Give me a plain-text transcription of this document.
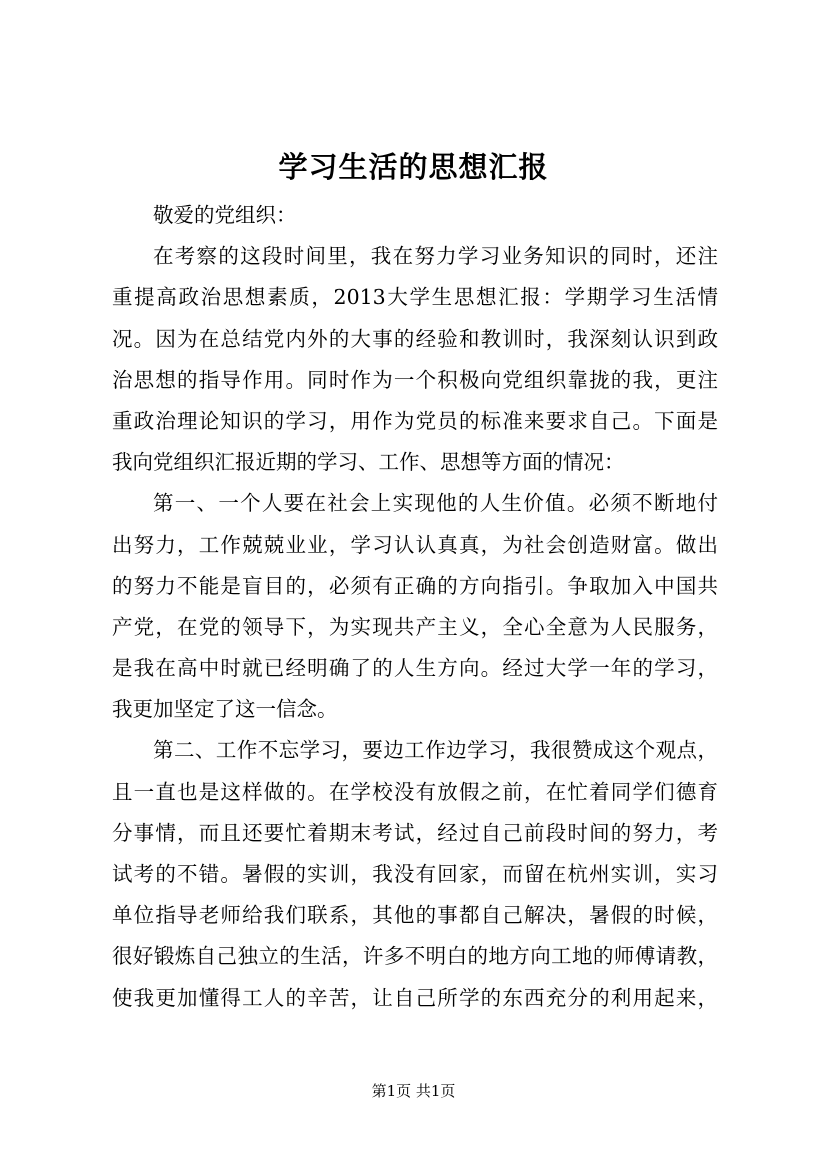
学习生活的思想汇报
敬爱的党组织：
在考察的这段时间里，我在努力学习业务知识的同时，还注
重提高政治思想素质，2013大学生思想汇报：学期学习生活情
况。因为在总结党内外的大事的经验和教训时，我深刻认识到政
治思想的指导作用。同时作为一个积极向党组织靠拢的我，更注
重政治理论知识的学习，用作为党员的标准来要求自己。下面是
我向党组织汇报近期的学习、工作、思想等方面的情况：
第一、一个人要在社会上实现他的人生价值。必须不断地付
出努力，工作兢兢业业，学习认认真真，为社会创造财富。做出
的努力不能是盲目的，必须有正确的方向指引。争取加入中国共
产党，在党的领导下，为实现共产主义，全心全意为人民服务，
是我在高中时就已经明确了的人生方向。经过大学一年的学习，
我更加坚定了这一信念。
第二、工作不忘学习，要边工作边学习，我很赞成这个观点，
且一直也是这样做的。在学校没有放假之前，在忙着同学们德育
分事情，而且还要忙着期末考试，经过自己前段时间的努力，考
试考的不错。暑假的实训，我没有回家，而留在杭州实训，实习
单位指导老师给我们联系，其他的事都自己解决，暑假的时候，
很好锻炼自己独立的生活，许多不明白的地方向工地的师傅请教，
使我更加懂得工人的辛苦，让自己所学的东西充分的利用起来，
第1页 共1页
